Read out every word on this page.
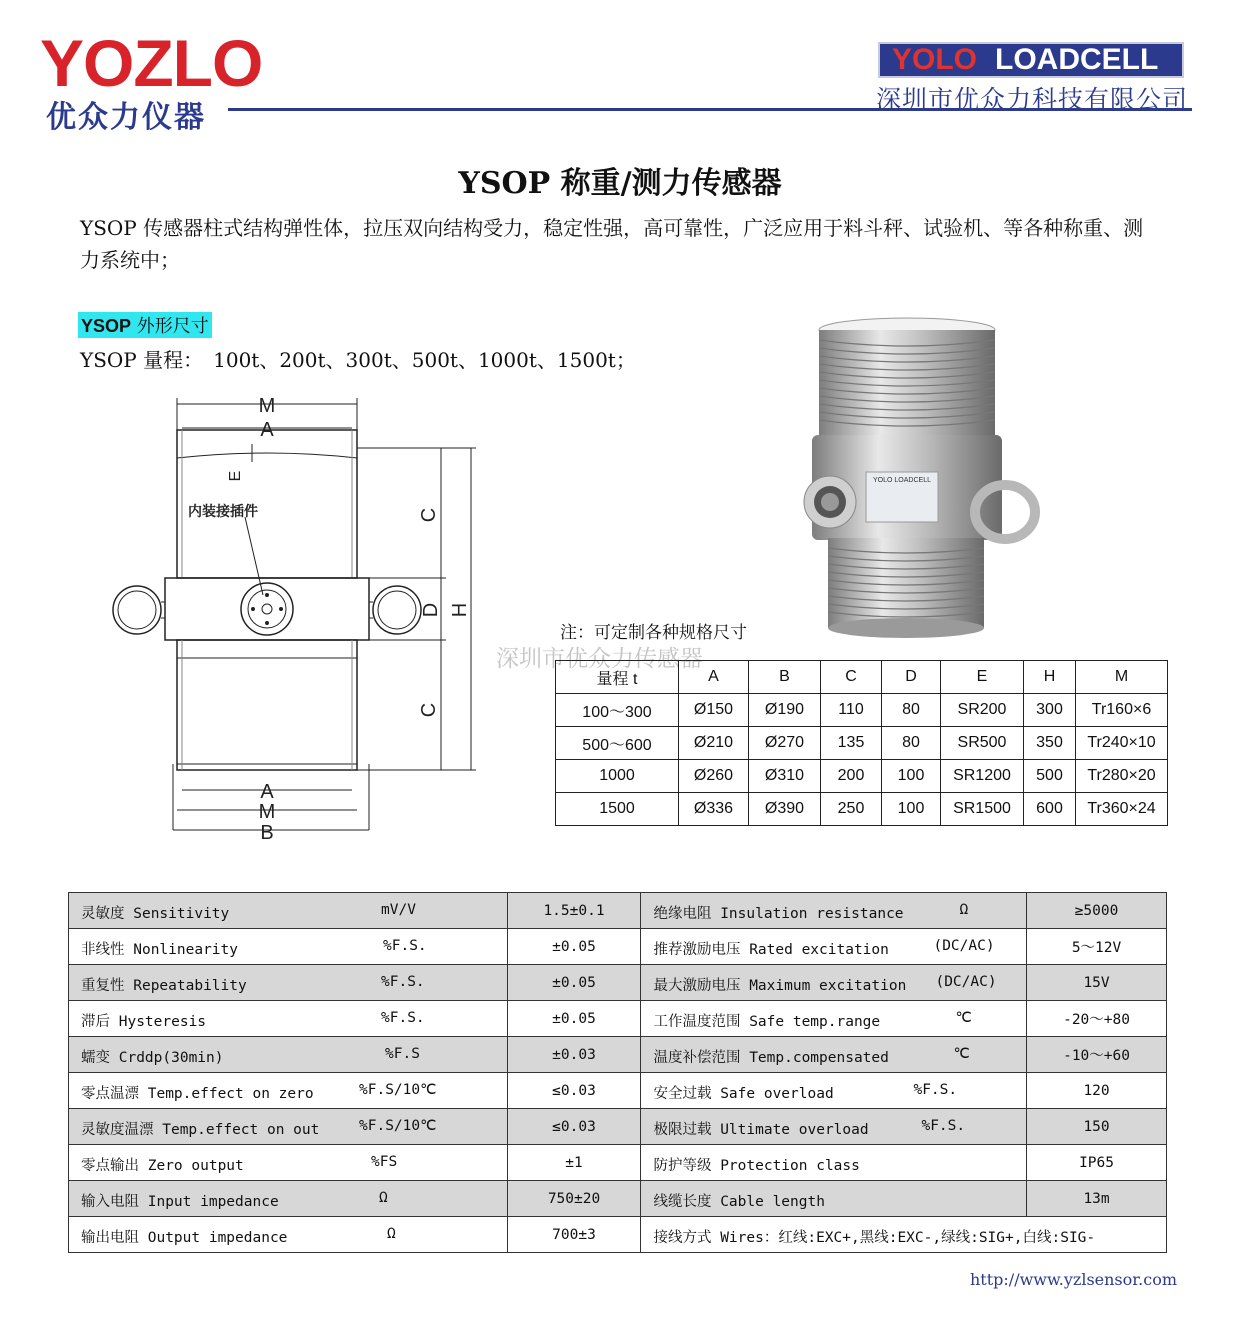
YOZLO
优众力仪器
YOLO LOADCELL
深圳市优众力科技有限公司
YSOP 称重/测力传感器
YSOP 传感器柱式结构弹性体，拉压双向结构受力，稳定性强，高可靠性，广泛应用于料斗秤、试验机、等各种称重、测力系统中；
YSOP 外形尺寸
YSOP 量程：　100t、200t、300t、500t、1000t、1500t；
M
A
E
C
D H
C
A
M
B
内装接插件
YOLO LOADCELL
注：可定制各种规格尺寸
深圳市优众力传感器
量程 t	A	B	C	D	E	H	M
100～300	Ø150	Ø190	110	80	SR200	300	Tr160×6
500～600	Ø210	Ø270	135	80	SR500	350	Tr240×10
1000	Ø260	Ø310	200	100	SR1200	500	Tr280×20
1500	Ø336	Ø390	250	100	SR1500	600	Tr360×24
灵敏度 Sensitivity mV/V	1.5±0.1	绝缘电阻 Insulation resistance Ω	≥5000

非线性 Nonlinearity %F.S.	±0.05	推荐激励电压 Rated excitation (DC/AC)	5～12V

重复性 Repeatability %F.S.	±0.05	最大激励电压 Maximum excitation (DC/AC)	15V

滞后 Hysteresis %F.S.	±0.05	工作温度范围 Safe temp.range ℃	-20～+80

蠕变 Crddp(30min) %F.S	±0.03	温度补偿范围 Temp.compensated ℃	-10～+60

零点温漂 Temp.effect on zero %F.S/10℃	≤0.03	安全过载 Safe overload %F.S.	120

灵敏度温漂 Temp.effect on out %F.S/10℃	≤0.03	极限过载 Ultimate overload %F.S.	150

零点输出 Zero output %FS	±1	防护等级 Protection class	IP65

输入电阻 Input impedance Ω	750±20	线缆长度 Cable length	13m

输出电阻 Output impedance Ω	700±3	接线方式 Wires：红线:EXC+,黑线:EXC-,绿线:SIG+,白线:SIG-	
http://www.yzlsensor.com
